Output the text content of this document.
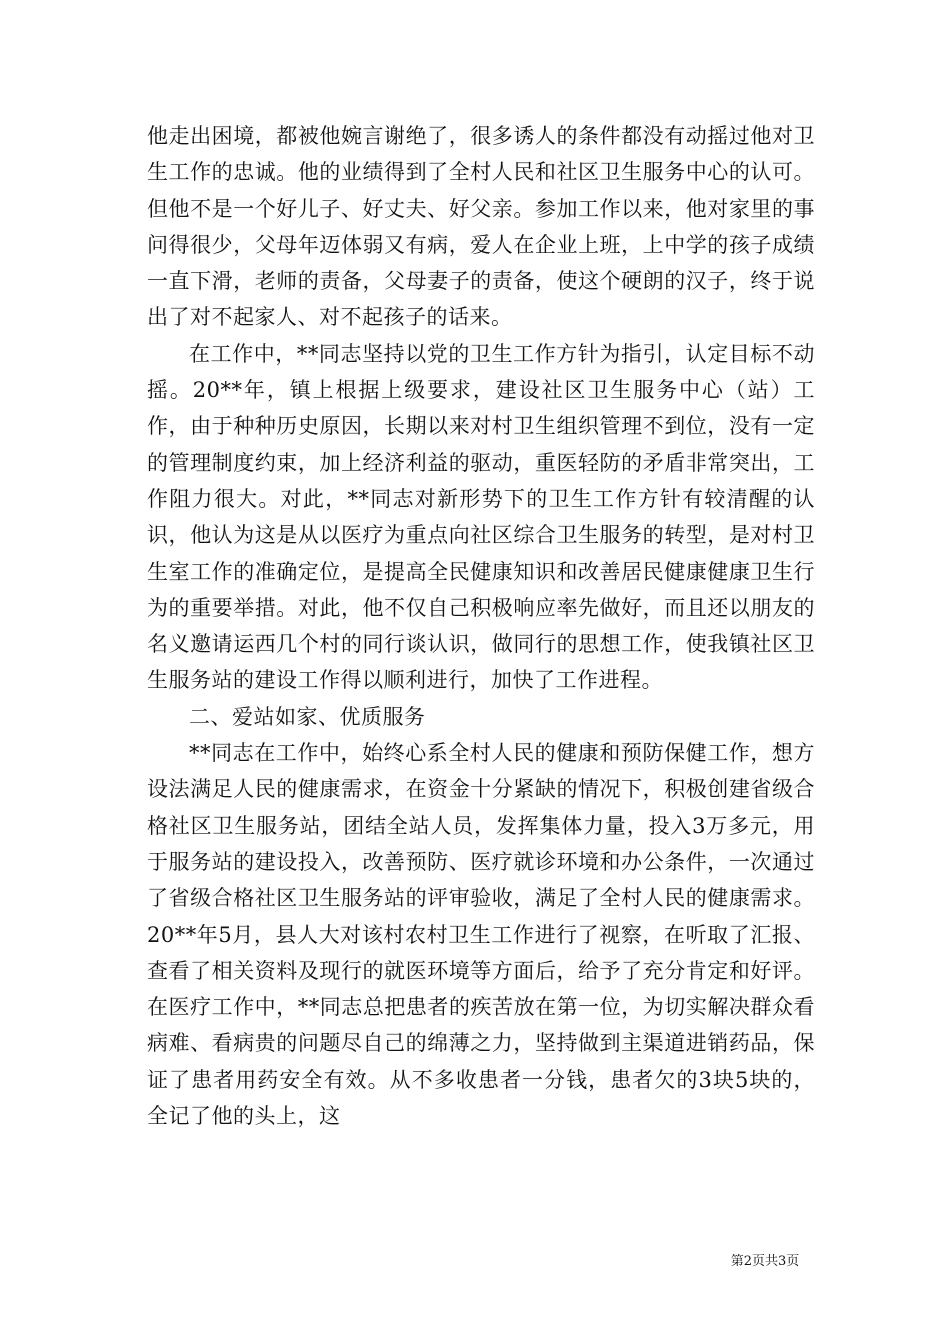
他走出困境，都被他婉言谢绝了，很多诱人的条件都没有动摇过他对卫生工作的忠诚。他的业绩得到了全村人民和社区卫生服务中心的认可。但他不是一个好儿子、好丈夫、好父亲。参加工作以来，他对家里的事问得很少，父母年迈体弱又有病，爱人在企业上班，上中学的孩子成绩一直下滑，老师的责备，父母妻子的责备，使这个硬朗的汉子，终于说出了对不起家人、对不起孩子的话来。

在工作中，**同志坚持以党的卫生工作方针为指引，认定目标不动摇。20**年，镇上根据上级要求，建设社区卫生服务中心（站）工作，由于种种历史原因，长期以来对村卫生组织管理不到位，没有一定的管理制度约束，加上经济利益的驱动，重医轻防的矛盾非常突出，工作阻力很大。对此，**同志对新形势下的卫生工作方针有较清醒的认识，他认为这是从以医疗为重点向社区综合卫生服务的转型，是对村卫生室工作的准确定位，是提高全民健康知识和改善居民健康健康卫生行为的重要举措。对此，他不仅自己积极响应率先做好，而且还以朋友的名义邀请运西几个村的同行谈认识，做同行的思想工作，使我镇社区卫生服务站的建设工作得以顺利进行，加快了工作进程。

二、爱站如家、优质服务

**同志在工作中，始终心系全村人民的健康和预防保健工作，想方设法满足人民的健康需求，在资金十分紧缺的情况下，积极创建省级合格社区卫生服务站，团结全站人员，发挥集体力量，投入3万多元，用于服务站的建设投入，改善预防、医疗就诊环境和办公条件，一次通过了省级合格社区卫生服务站的评审验收，满足了全村人民的健康需求。20**年5月，县人大对该村农村卫生工作进行了视察，在听取了汇报、查看了相关资料及现行的就医环境等方面后，给予了充分肯定和好评。在医疗工作中，**同志总把患者的疾苦放在第一位，为切实解决群众看病难、看病贵的问题尽自己的绵薄之力，坚持做到主渠道进销药品，保证了患者用药安全有效。从不多收患者一分钱，患者欠的3块5块的，全记了他的头上，这

第2页共3页
